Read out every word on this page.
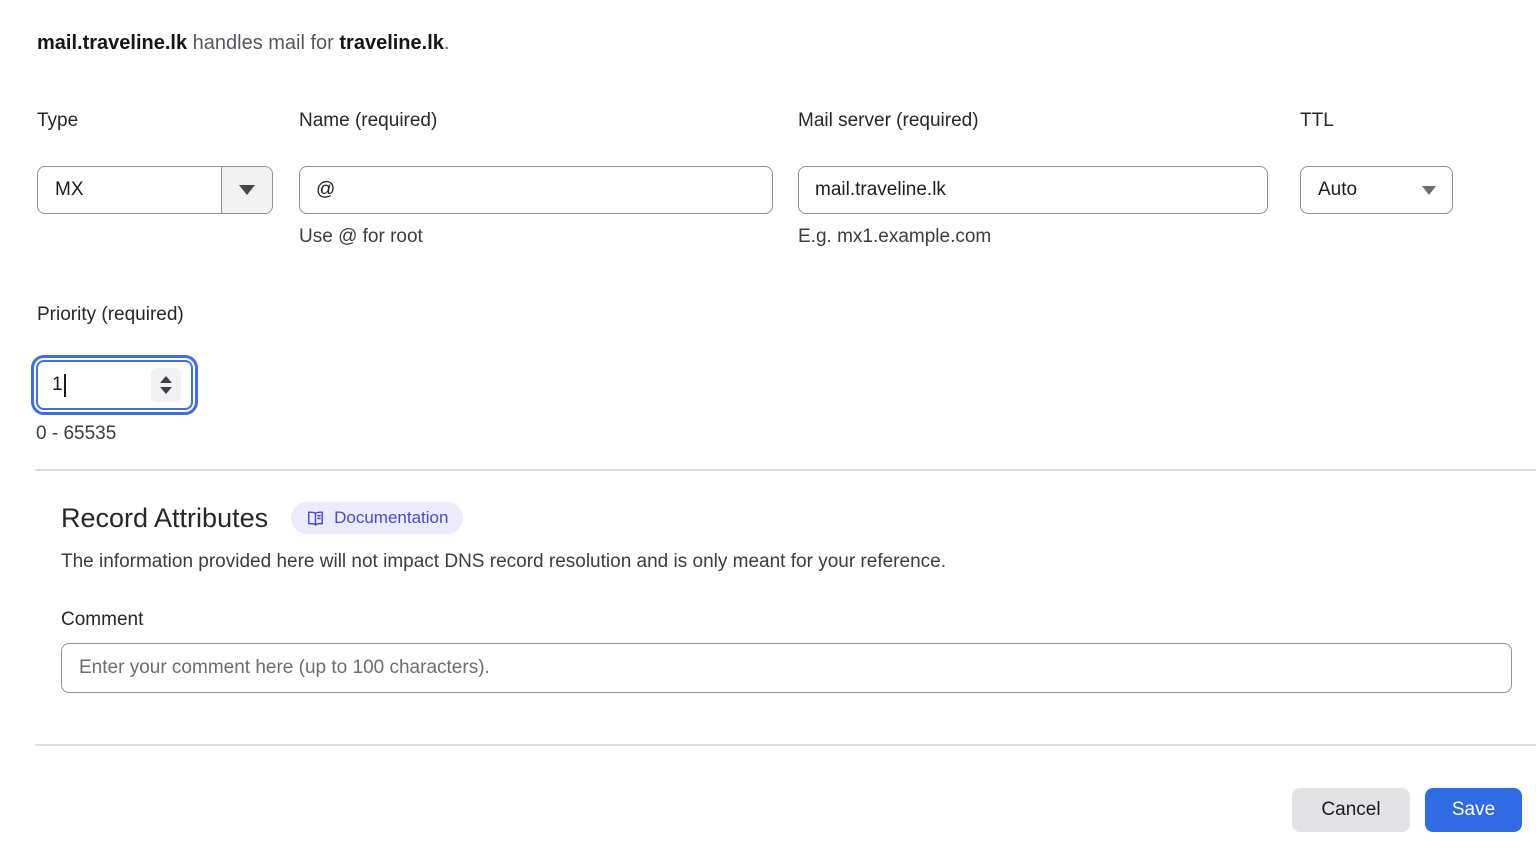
mail.traveline.lk handles mail for traveline.lk.
Type
MX
Name (required)
@
Use @ for root
Mail server (required)
mail.traveline.lk
E.g. mx1.example.com
TTL
Auto
Priority (required)
1
0 - 65535
Record Attributes	Documentation
The information provided here will not impact DNS record resolution and is only meant for your reference.
Comment
Enter your comment here (up to 100 characters).
Cancel	Save
